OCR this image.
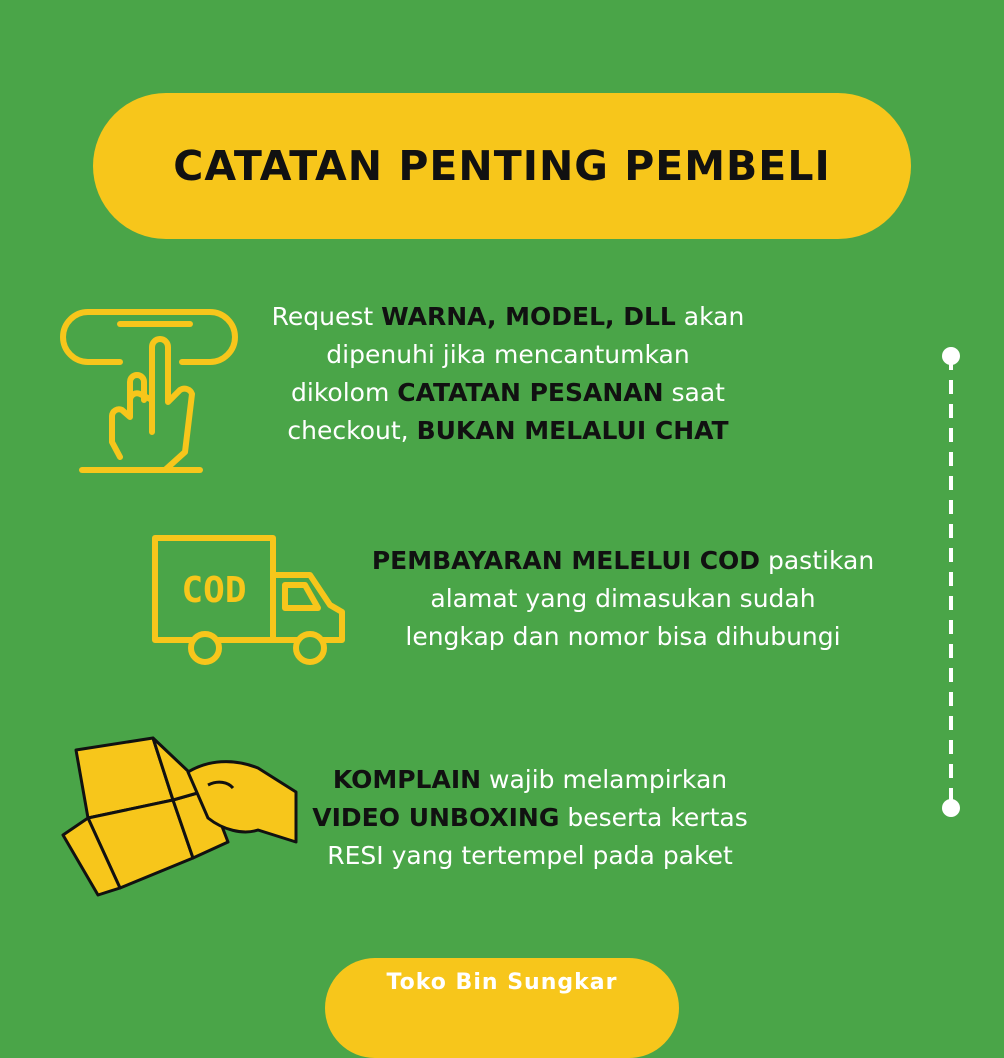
CATATAN PENTING PEMBELI
Request WARNA, MODEL, DLL akan
dipenuhi jika mencantumkan
dikolom CATATAN PESANAN saat
checkout, BUKAN MELALUI CHAT
COD
PEMBAYARAN MELELUI COD pastikan
alamat yang dimasukan sudah
lengkap dan nomor bisa dihubungi
KOMPLAIN wajib melampirkan
VIDEO UNBOXING beserta kertas
RESI yang tertempel pada paket
Toko Bin Sungkar
